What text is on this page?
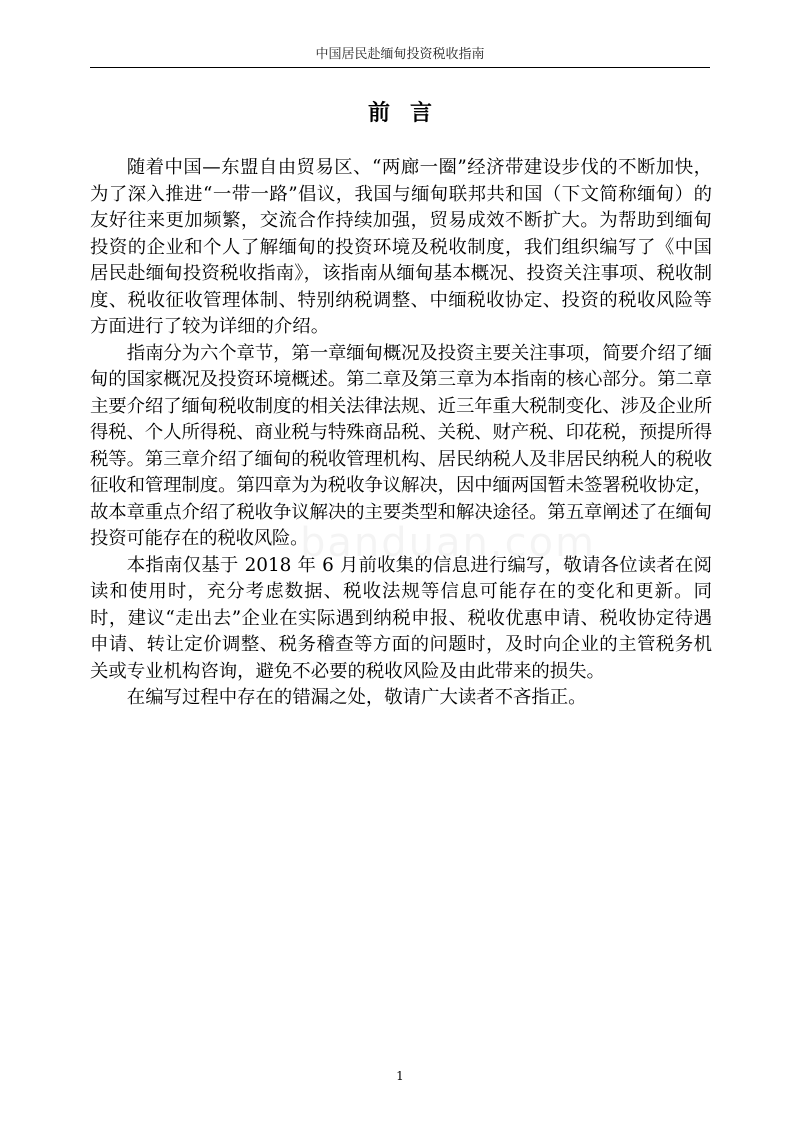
中国居民赴缅甸投资税收指南
前言

随着中国—东盟自由贸易区、“两廊一圈”经济带建设步伐的不断加快，为了深入推进“一带一路”倡议，我国与缅甸联邦共和国（下文简称缅甸）的友好往来更加频繁，交流合作持续加强，贸易成效不断扩大。为帮助到缅甸投资的企业和个人了解缅甸的投资环境及税收制度，我们组织编写了《中国居民赴缅甸投资税收指南》，该指南从缅甸基本概况、投资关注事项、税收制度、税收征收管理体制、特别纳税调整、中缅税收协定、投资的税收风险等方面进行了较为详细的介绍。

指南分为六个章节，第一章缅甸概况及投资主要关注事项，简要介绍了缅甸的国家概况及投资环境概述。第二章及第三章为本指南的核心部分。第二章主要介绍了缅甸税收制度的相关法律法规、近三年重大税制变化、涉及企业所得税、个人所得税、商业税与特殊商品税、关税、财产税、印花税，预提所得税等。第三章介绍了缅甸的税收管理机构、居民纳税人及非居民纳税人的税收征收和管理制度。第四章为为税收争议解决，因中缅两国暂未签署税收协定，故本章重点介绍了税收争议解决的主要类型和解决途径。第五章阐述了在缅甸投资可能存在的税收风险。

本指南仅基于 2018 年 6 月前收集的信息进行编写，敬请各位读者在阅读和使用时，充分考虑数据、税收法规等信息可能存在的变化和更新。同时，建议“走出去”企业在实际遇到纳税申报、税收优惠申请、税收协定待遇申请、转让定价调整、税务稽查等方面的问题时，及时向企业的主管税务机关或专业机构咨询，避免不必要的税收风险及由此带来的损失。

在编写过程中存在的错漏之处，敬请广大读者不吝指正。

1
